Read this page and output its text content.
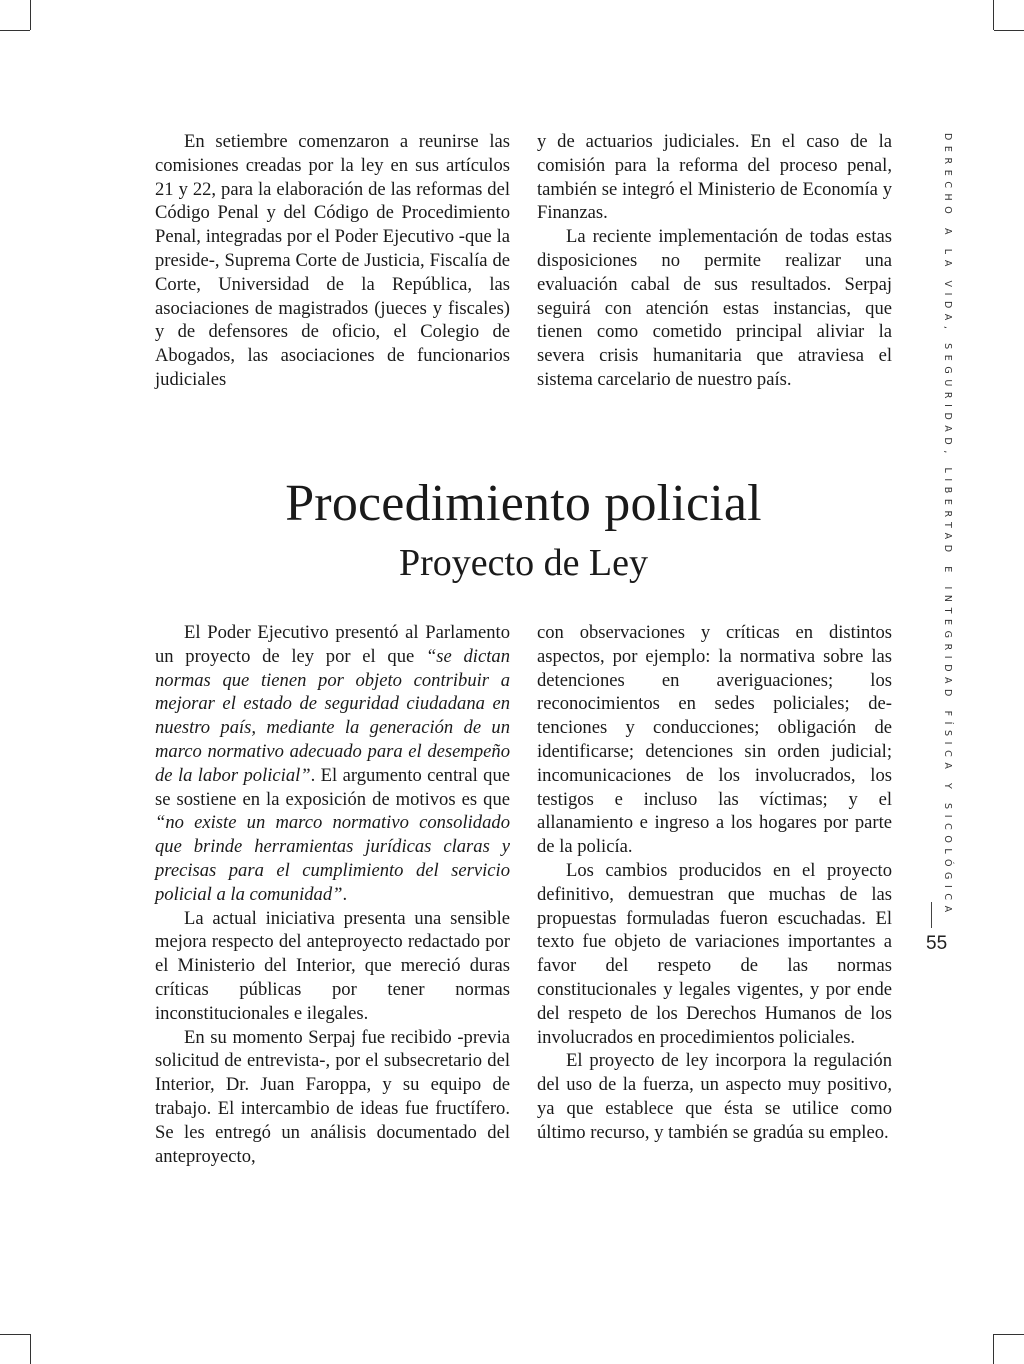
En setiembre comenzaron a reunirse las comisiones creadas por la ley en sus artículos 21 y 22, para la elaboración de las reformas del Código Penal y del Código de Procedimiento Penal, integradas por el Poder Ejecutivo -que la preside-, Suprema Corte de Justicia, Fiscalía de Corte, Universidad de la República, las asociaciones de magistrados (jueces y fiscales) y de defensores de oficio, el Colegio de Abogados, las asociaciones de funcionarios judiciales

y de actuarios judiciales. En el caso de la comisión para la reforma del proceso penal, también se integró el Ministerio de Economía y Finanzas.

La reciente implementación de todas estas disposiciones no permite realizar una evaluación cabal de sus resultados. Serpaj seguirá con atención estas instancias, que tienen como cometido principal aliviar la severa crisis humanitaria que atraviesa el sistema carcelario de nuestro país.

Procedimiento policial
Proyecto de Ley

El Poder Ejecutivo presentó al Parlamento un proyecto de ley por el que “se dictan normas que tienen por objeto contribuir a mejorar el estado de seguridad ciudadana en nuestro país, mediante la generación de un marco normativo adecuado para el desempeño de la labor policial”. El argumento central que se sostiene en la exposición de motivos es que “no existe un marco normativo consolidado que brinde herramientas jurídicas claras y precisas para el cumplimiento del servicio policial a la comunidad”.

La actual iniciativa presenta una sensible mejora respecto del anteproyecto redactado por el Ministerio del Interior, que mereció duras críticas públicas por tener normas inconstitucionales e ilegales.

En su momento Serpaj fue recibido -previa solicitud de entrevista-, por el subsecretario del Interior, Dr. Juan Faroppa, y su equipo de trabajo. El intercambio de ideas fue fructífero. Se les entregó un análisis documentado del anteproyecto,

con observaciones y críticas en distintos aspectos, por ejemplo: la normativa sobre las detenciones en averiguaciones; los reconocimientos en sedes policiales; detenciones y conducciones; obligación de identificarse; detenciones sin orden judicial; incomunicaciones de los involucrados, los testigos e incluso las víctimas; y el allanamiento e ingreso a los hogares por parte de la policía.

Los cambios producidos en el proyecto definitivo, demuestran que muchas de las propuestas formuladas fueron escuchadas. El texto fue objeto de variaciones importantes a favor del respeto de las normas constitucionales y legales vigentes, y por ende del respeto de los Derechos Humanos de los involucrados en procedimientos policiales.

El proyecto de ley incorpora la regulación del uso de la fuerza, un aspecto muy positivo, ya que establece que ésta se utilice como último recurso, y también se gradúa su empleo.

DERECHO A LA VIDA, SEGURIDAD, LIBERTAD E INTEGRIDAD FÍSICA Y SICOLÓGICA
55
